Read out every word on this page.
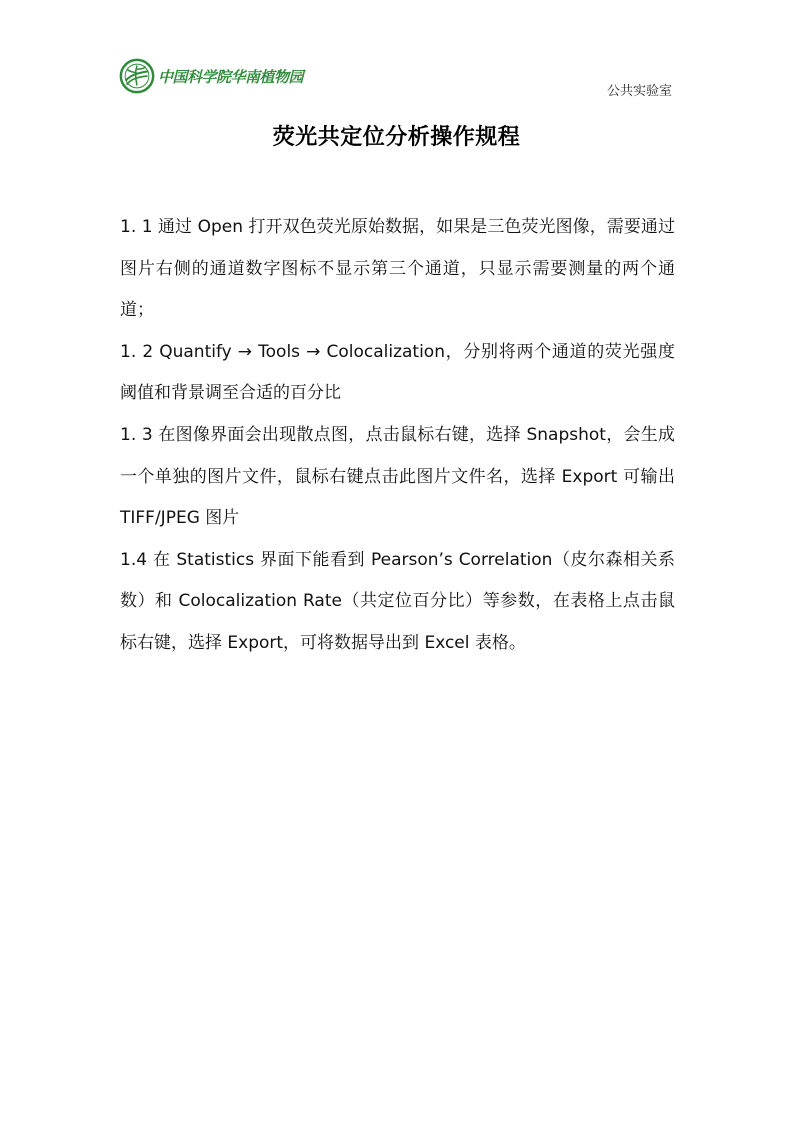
中国科学院华南植物园
公共实验室
荧光共定位分析操作规程

1. 1 通过 Open 打开双色荧光原始数据，如果是三色荧光图像，需要通过图片右侧的通道数字图标不显示第三个通道，只显示需要测量的两个通道；

1. 2 Quantify → Tools → Colocalization，分别将两个通道的荧光强度阈值和背景调至合适的百分比

1. 3 在图像界面会出现散点图，点击鼠标右键，选择 Snapshot，会生成一个单独的图片文件，鼠标右键点击此图片文件名，选择 Export 可输出 TIFF/JPEG 图片

1.4 在 Statistics 界面下能看到 Pearson’s Correlation（皮尔森相关系数）和 Colocalization Rate（共定位百分比）等参数，在表格上点击鼠标右键，选择 Export，可将数据导出到 Excel 表格。
